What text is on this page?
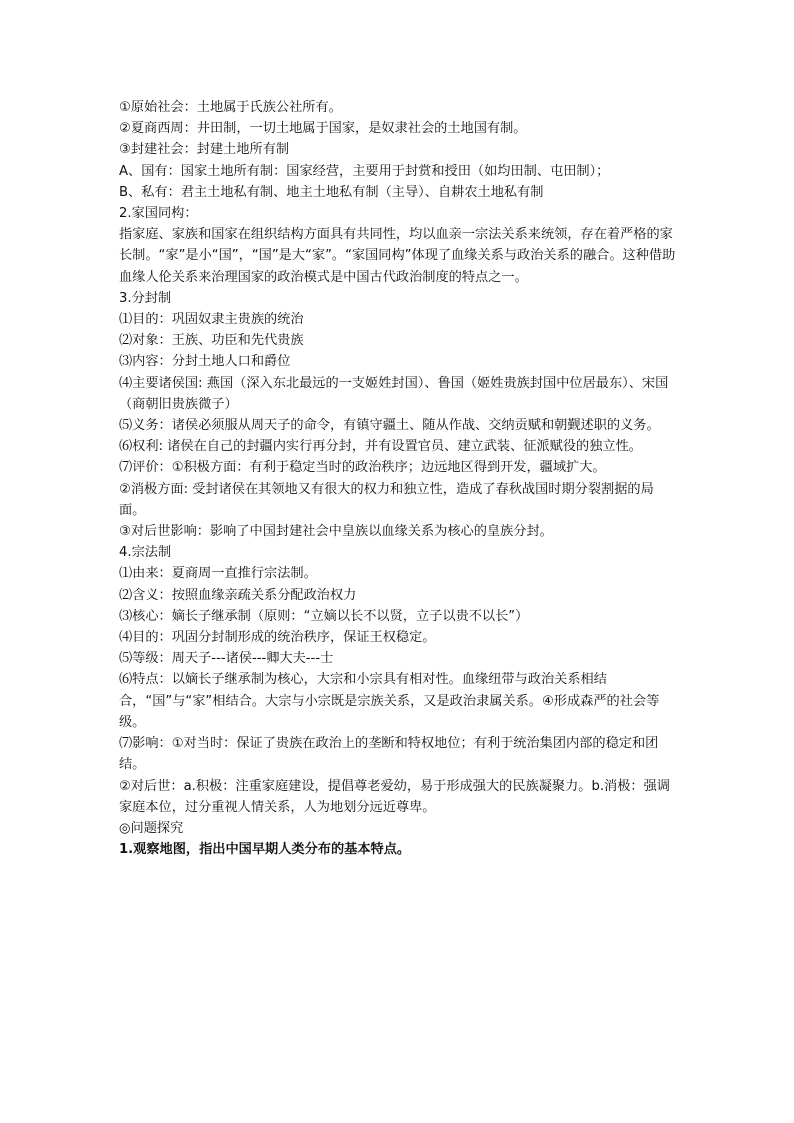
①原始社会：土地属于氏族公社所有。

②夏商西周：井田制，一切土地属于国家，是奴隶社会的土地国有制。

③封建社会：封建土地所有制

A、国有：国家土地所有制：国家经营，主要用于封赏和授田（如均田制、屯田制）；

B、私有：君主土地私有制、地主土地私有制（主导）、自耕农土地私有制

2.家国同构：

指家庭、家族和国家在组织结构方面具有共同性，均以血亲一宗法关系来统领，存在着严格的家长制。“家”是小“国”，“国”是大“家”。“家国同构”体现了血缘关系与政治关系的融合。这种借助血缘人伦关系来治理国家的政治模式是中国古代政治制度的特点之一。

3.分封制

⑴目的：巩固奴隶主贵族的统治

⑵对象：王族、功臣和先代贵族

⑶内容：分封土地人口和爵位

⑷主要诸侯国: 燕国（深入东北最远的一支姬姓封国）、鲁国（姬姓贵族封国中位居最东）、宋国（商朝旧贵族微子）

⑸义务：诸侯必须服从周天子的命令，有镇守疆土、随从作战、交纳贡赋和朝觐述职的义务。

⑹权利: 诸侯在自己的封疆内实行再分封，并有设置官员、建立武装、征派赋役的独立性。

⑺评价：①积极方面：有利于稳定当时的政治秩序；边远地区得到开发，疆域扩大。

②消极方面: 受封诸侯在其领地又有很大的权力和独立性，造成了春秋战国时期分裂割据的局面。

③对后世影响：影响了中国封建社会中皇族以血缘关系为核心的皇族分封。

4.宗法制

⑴由来：夏商周一直推行宗法制。

⑵含义：按照血缘亲疏关系分配政治权力

⑶核心：嫡长子继承制（原则：“立嫡以长不以贤，立子以贵不以长”）

⑷目的：巩固分封制形成的统治秩序，保证王权稳定。

⑸等级：周天子---诸侯---卿大夫---士

⑹特点：以嫡长子继承制为核心，大宗和小宗具有相对性。血缘纽带与政治关系相结合，“国”与“家”相结合。大宗与小宗既是宗族关系，又是政治隶属关系。④形成森严的社会等级。

⑺影响：①对当时：保证了贵族在政治上的垄断和特权地位；有利于统治集团内部的稳定和团结。

②对后世：a.积极：注重家庭建设，提倡尊老爱幼，易于形成强大的民族凝聚力。b.消极：强调家庭本位，过分重视人情关系，人为地划分远近尊卑。

◎问题探究

1.观察地图，指出中国早期人类分布的基本特点。
